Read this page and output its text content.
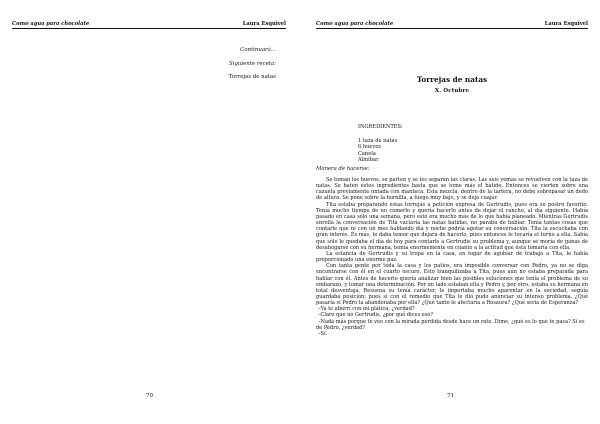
Como agua para chocolate	Laura Esquivel
Continuará...
Siguiente receta:
Torrejas de natas
70
Como agua para chocolate	Laura Esquivel
Torrejas de natas
X. Octubre
INGREDIENTES:
1 taza de natas
6 huevos
Canela
Almíbar
Manera de hacerse:

Se toman los huevos, se parten y se les separan las claras. Las seis yemas se revuelven con la taza de natas. Se baten estos ingredientes hasta que se tome más el batido. Entonces se vierten sobre una cazuela previamente untada con manteca. Esta mezcla, dentro de la tartera, no debe sobrepasar un dedo de altura. Se pone sobre la hornilla, a fuego muy bajo, y se deja cuajar.

Tita estaba preparando estas torrejas a petición expresa de Gertrudis, pues era su postre favorito. Tenía mucho tiempo de no comerlo y quería hacerlo antes de dejar el rancho, al día siguiente. Había pasado en casa sólo una semana, pero esto era mucho más de lo que había planeado. Mientras Gertrudis enrolla la conversación de Tita vaciaría las natas batidas, no paraba de hablar. Tenía tantas cosas que contarle que ni con un mes hablando día y noche podría agotar su conversación. Tita la escuchaba con gran interés. Es más, le daba temor que dejara de hacerlo, pues entonces le tocaría el turno a ella. Sabía que sólo le quedaba el día de hoy para contarle a Gertrudis su problema y, aunque se moría de ganas de desahogarse con su hermana, temía enormemente en cuanto a la actitud que ésta tomaría con ella.

La estancia de Gertrudis y su tropa en la casa, en lugar de agobiar de trabajo a Tita, le había proporcionado una enorme paz.

Con tanta gente por toda la casa y los patios, era imposible conversar con Pedro, ya no se diga encontrarse con él en el cuarto oscuro. Esto tranquilizaba a Tita, pues aún no estaba preparada para hablar con él. Antes de hacerlo quería analizar bien las posibles soluciones que tenía el problema de su embarazo, y tomar una determinación. Por un lado estaban ella y Pedro y, por otro, estaba su hermana en total desventaja. Resuena su tenía carácter, le importaba mucho aparentar en la sociedad, seguía guardaba posición; pues si con el remedio que Tita le dio pudo anunciar su intenso problema. ¿Qué pasaría si Pedro la abandonaba por ella? ¿Qué tanto le afectaría a Rosaura? ¿Qué sería de Esperanza?

–Ya te aburrí con mi plática, ¿verdad?

–Claro que no Gertrudis, ¿por qué dices eso?

–Nada más porque te veo con la mirada perdida desde hace un rato. Dime, ¿qué es lo que te pasa? Si es de Pedro, ¿verdad?

–Sí.

71
